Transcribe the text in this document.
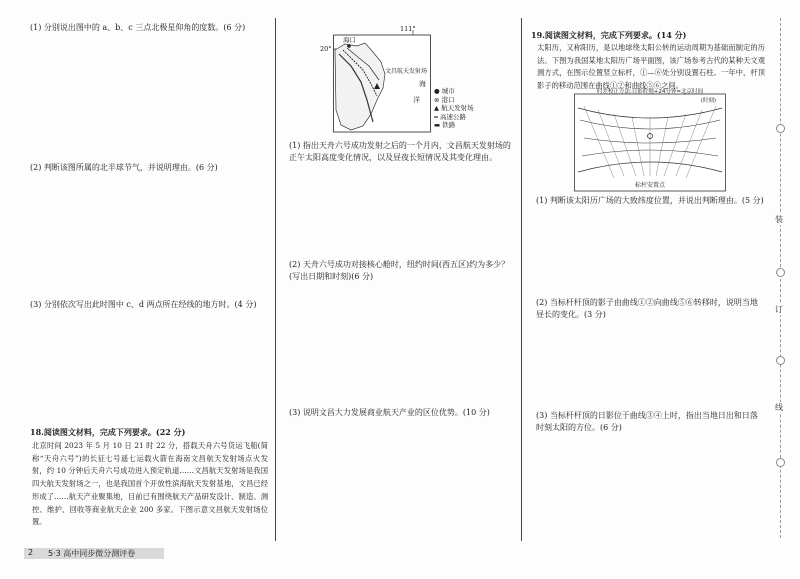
(1) 分别说出图中的 a、b、c 三点北极星仰角的度数。(6 分)
(2) 判断该图所属的北半球节气，并说明理由。(6 分)
(3) 分别依次写出此时图中 c、d 两点所在经线的地方时。(4 分)
18.阅读图文材料，完成下列要求。(22 分)
北京时间 2023 年 5 月 10 日 21 时 22 分，搭载天舟六号货运飞船(简称“天舟六号”)的长征七号遥七运载火箭在海南文昌航天发射场点火发射，约 10 分钟后天舟六号成功进入预定轨道……文昌航天发射场是我国四大航天发射场之一，也是我国首个开放性滨海航天发射基地，文昌已经形成了……航天产业聚集地，目前已有围绕航天产品研发设计、制造、测控、维护、回收等商业航天企业 200 多家。下图示意文昌航天发射场位置。
海口
文昌航天发射场
海
洋
111°
20°
● 城市
⊛ 港口
▲ 航天发射场
═ 高速公路
▬ 铁路
(1) 指出天舟六号成功发射之后的一个月内，文昌航天发射场的正午太阳高度变化情况，以及昼夜长短情况及其变化理由。
(2) 天舟六号成功对接核心舱时，纽约时间(西五区)约为多少？(写出日期和时刻)(6 分)
(3) 说明文昌大力发展商业航天产业的区位优势。(10 分)
19.阅读图文材料，完成下列要求。(14 分)
太阳历，又称阳历，是以地球绕太阳公转的运动周期为基础而制定的历法。下图为我国某地太阳历广场平面图，该广场参考古代的某种天文观测方式，在图示位置竖立标杆，①—⑥处分别设置石柱。一年中，杆顶影子的移动范围在曲线①②和曲线⑤⑥之间。
时差校正方法:日影时刻+24分钟=北京时间
(时刻)
标杆安置点
(1) 判断该太阳历广场的大致纬度位置，并说出判断理由。(5 分)
(2) 当标杆杆顶的影子由曲线①②向曲线⑤⑥转移时，说明当地昼长的变化。(3 分)
(3) 当标杆杆顶的日影位于曲线③④上时，指出当地日出和日落时刻太阳的方位。(6 分)
装
订
线
2 5·3 高中同步微分测评卷
